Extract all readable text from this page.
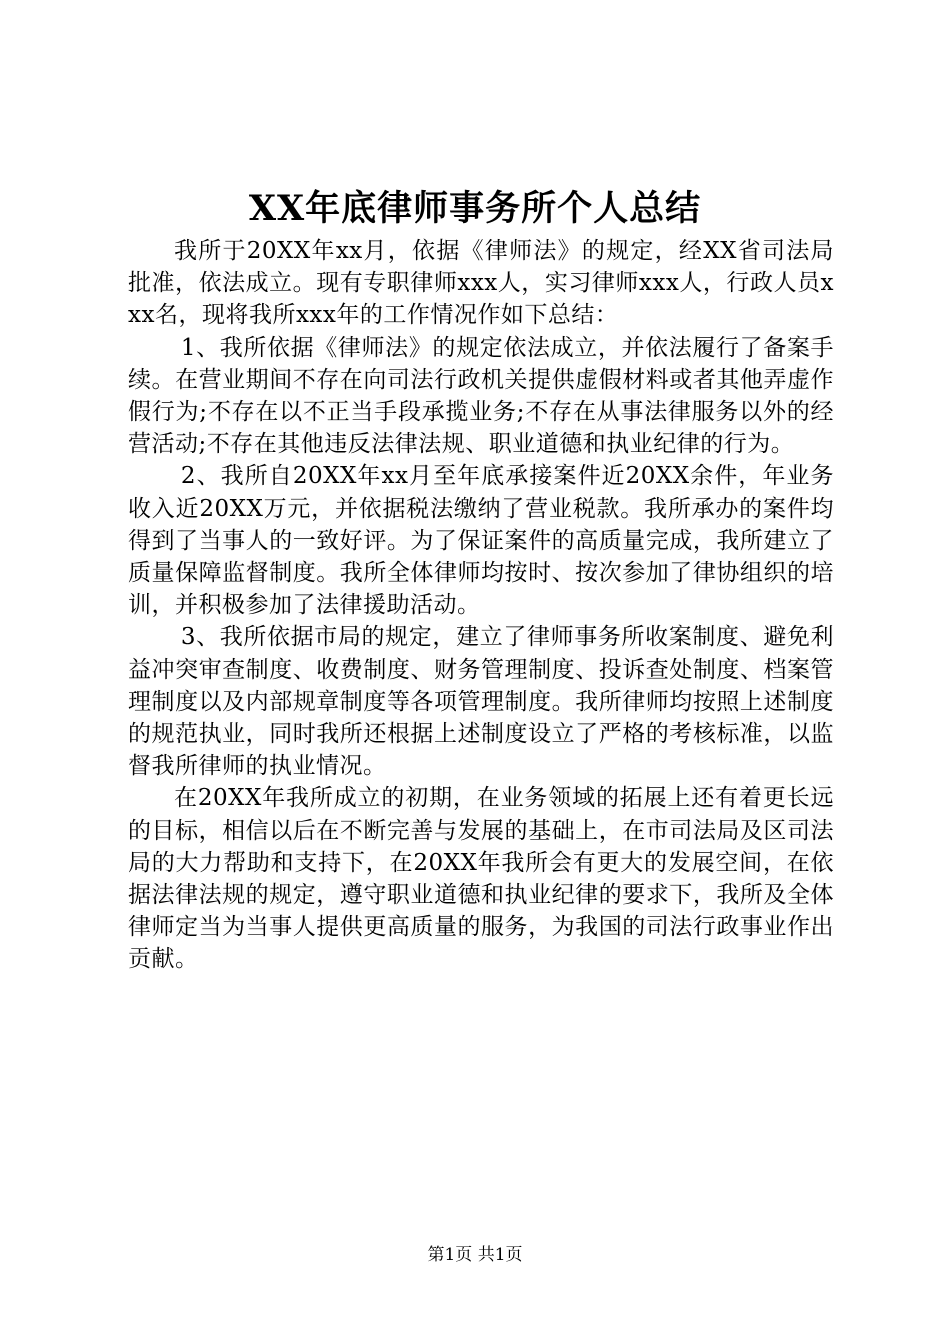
XX年底律师事务所个人总结

我所于20XX年xx月，依据《律师法》的规定，经XX省司法局批准，依法成立。现有专职律师xxx人，实习律师xxx人，行政人员xxx名，现将我所xxx年的工作情况作如下总结：

1、我所依据《律师法》的规定依法成立，并依法履行了备案手续。在营业期间不存在向司法行政机关提供虚假材料或者其他弄虚作假行为;不存在以不正当手段承揽业务;不存在从事法律服务以外的经营活动;不存在其他违反法律法规、职业道德和执业纪律的行为。

2、我所自20XX年xx月至年底承接案件近20XX余件，年业务收入近20XX万元，并依据税法缴纳了营业税款。我所承办的案件均得到了当事人的一致好评。为了保证案件的高质量完成，我所建立了质量保障监督制度。我所全体律师均按时、按次参加了律协组织的培训，并积极参加了法律援助活动。

3、我所依据市局的规定，建立了律师事务所收案制度、避免利益冲突审查制度、收费制度、财务管理制度、投诉查处制度、档案管理制度以及内部规章制度等各项管理制度。我所律师均按照上述制度的规范执业，同时我所还根据上述制度设立了严格的考核标准，以监督我所律师的执业情况。

在20XX年我所成立的初期，在业务领域的拓展上还有着更长远的目标，相信以后在不断完善与发展的基础上，在市司法局及区司法局的大力帮助和支持下，在20XX年我所会有更大的发展空间，在依据法律法规的规定，遵守职业道德和执业纪律的要求下，我所及全体律师定当为当事人提供更高质量的服务，为我国的司法行政事业作出贡献。

第1页 共1页
